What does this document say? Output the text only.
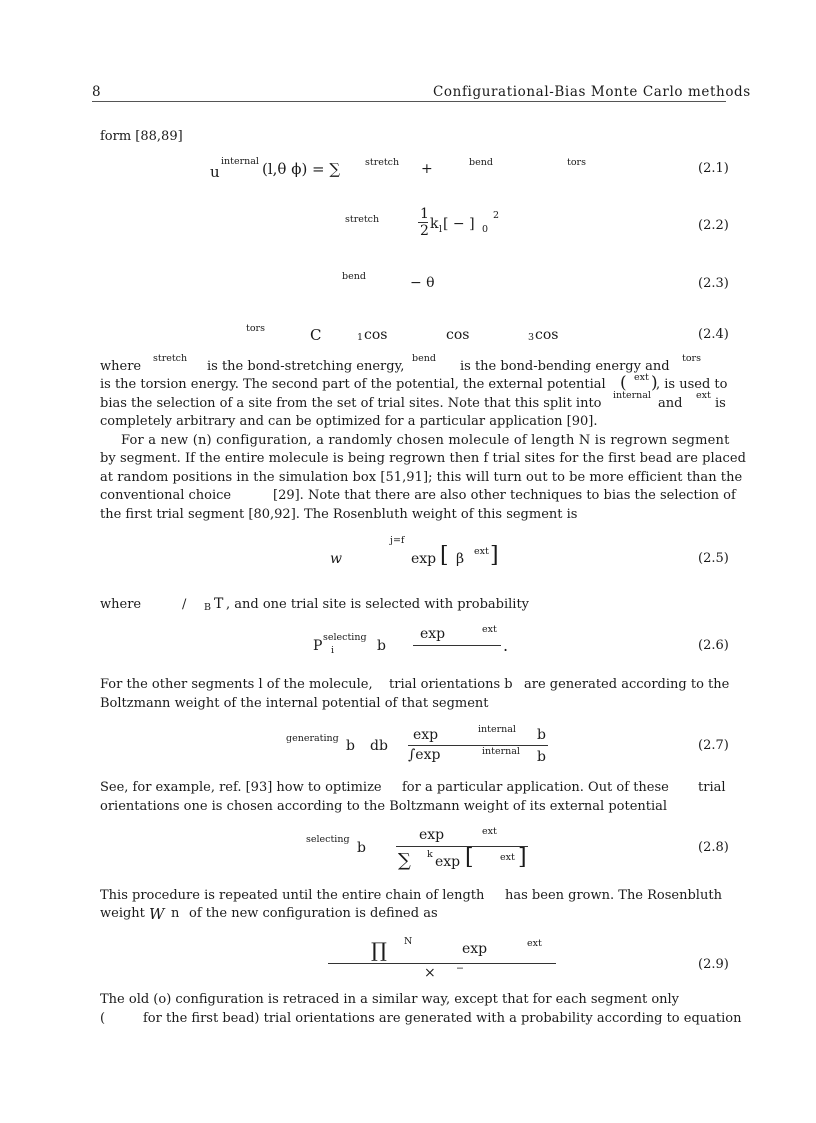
8	Configurational-Bias Monte Carlo methods
form [88,89]
u
internal (l,θ ϕ) = ∑	stretch +	bend	tors	(2.1)
stretch	1
2 k l [ − ] 0
2
(2.2)
bend	− θ	(2.3)
tors	C	1 cos	cos	3 cos	(2.4)
where
stretch
is the bond-stretching energy,
bend
is the bond-bending energy and
tors
is the torsion energy. The second part of the potential, the external potential ( ext )
, is used to
bias the selection of a site from the set of trial sites. Note that this split into
internal
and
ext
is
completely arbitrary and can be optimized for a particular application [90].
For a new (n) configuration, a randomly chosen molecule of length N is regrown segment
by segment. If the entire molecule is being regrown then f trial sites for the first bead are placed
at random positions in the simulation box [51,91]; this will turn out to be more efficient than the
conventional choice	[29]. Note that there are also other techniques to bias the selection of
the first trial segment [80,92]. The Rosenbluth weight of this segment is
j=f
w	exp [ β ext ]	(2.5)
where	/ B T , and one trial site is selected with probability
P
selecting
i	b
exp	ext
.	(2.6)
For the other segments l of the molecule, trial orientations b are generated according to the
Boltzmann weight of the internal potential of that segment
generating b db
exp	internal b
∫exp	internal b
(2.7)
See, for example, ref. [93] how to optimize for a particular application. Out of these trial
orientations one is chosen according to the Boltzmann weight of its external potential
selecting
b
exp	ext
∑ k exp [	ext ]	(2.8)
This procedure is repeated until the entire chain of length has been grown. The Rosenbluth
weight W n of the new configuration is defined as
∏ N	exp	ext
× −	(2.9)
The old (o) configuration is retraced in a similar way, except that for each segment only
(	for the first bead) trial orientations are generated with a probability according to equation
